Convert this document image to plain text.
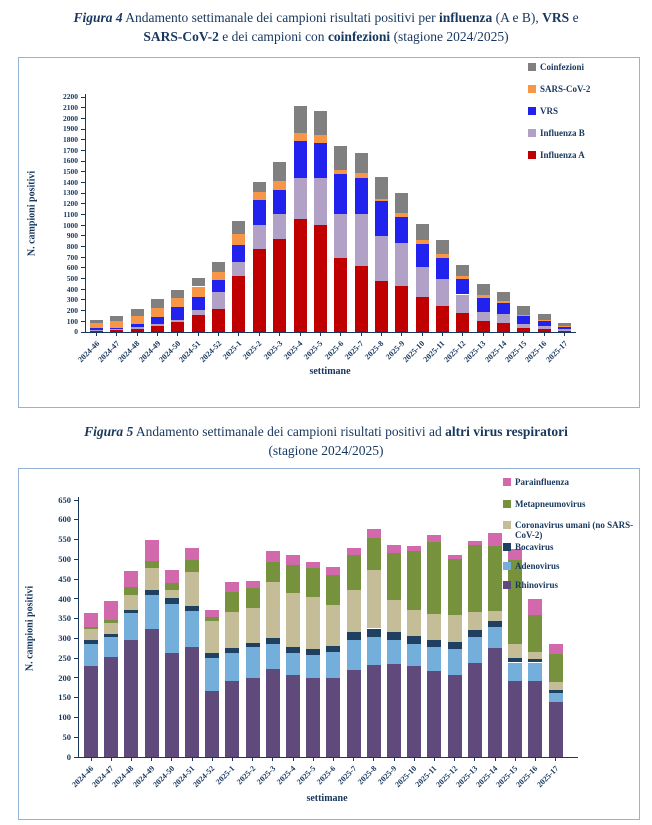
Figura 4 Andamento settimanale dei campioni risultati positivi per influenza (A e B), VRS e
SARS-CoV-2 e dei campioni con coinfezioni (stagione 2024/2025)
N. campioni positivi
settimane
0
100
200
300
400
500
600
700
800
900
1000
1100
1200
1300
1400
1500
1600
1700
1800
1900
2000
2100
2200
2024-46
2024-47
2024-48
2024-49
2024-50
2024-51
2024-52
2025-1
2025-2
2025-3
2025-4
2025-5
2025-6
2025-7
2025-8
2025-9
2025-10
2025-11
2025-12
2025-13
2025-14
2025-15
2025-16
2025-17
Coinfezioni
SARS-CoV-2
VRS
Influenza B
Influenza A
Figura 5 Andamento settimanale dei campioni risultati positivi ad altri virus respiratori
(stagione 2024/2025)
N. campioni positivi
settimane
0
50
100
150
200
250
300
350
400
450
500
550
600
650
2024-46
2024-47
2024-48
2024-49
2024-50
2024-51
2024-52
2025-1
2025-2
2025-3
2025-4
2025-5
2025-6
2025-7
2025-8
2025-9
2025-10
2025-11
2025-12
2025-13
2025-14
2025-15
2025-16
2025-17
Parainfluenza
Metapneumovirus
Coronavirus umani (no SARS-CoV-2)
Bocavirus
Adenovirus
Rhinovirus
